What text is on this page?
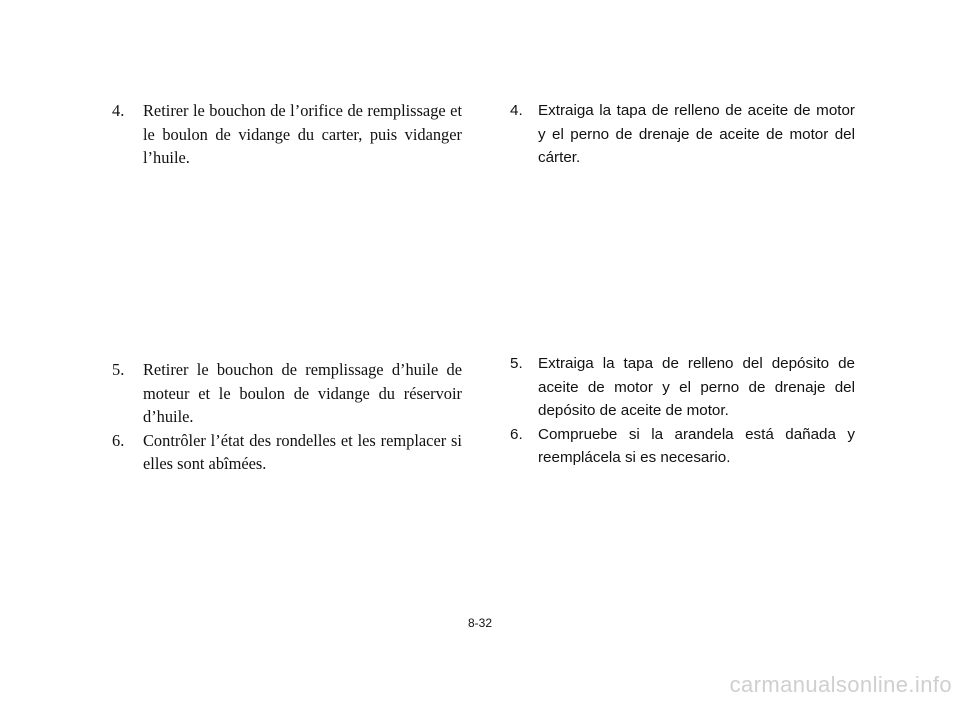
4.	Retirer le bouchon de l’orifice de remplissage et le boulon de vidange du carter, puis vidanger l’huile.
4.	Extraiga la tapa de relleno de aceite de motor y el perno de drenaje de aceite de motor del cárter.
5.	Retirer le bouchon de remplissage d’huile de moteur et le boulon de vidange du réservoir d’huile.
6.	Contrôler l’état des rondelles et les remplacer si elles sont abîmées.
5.	Extraiga la tapa de relleno del depósito de aceite de motor y el perno de drenaje del depósito de aceite de motor.
6.	Compruebe si la arandela está dañada y reemplácela si es necesario.
8-32
carmanualsonline.info
